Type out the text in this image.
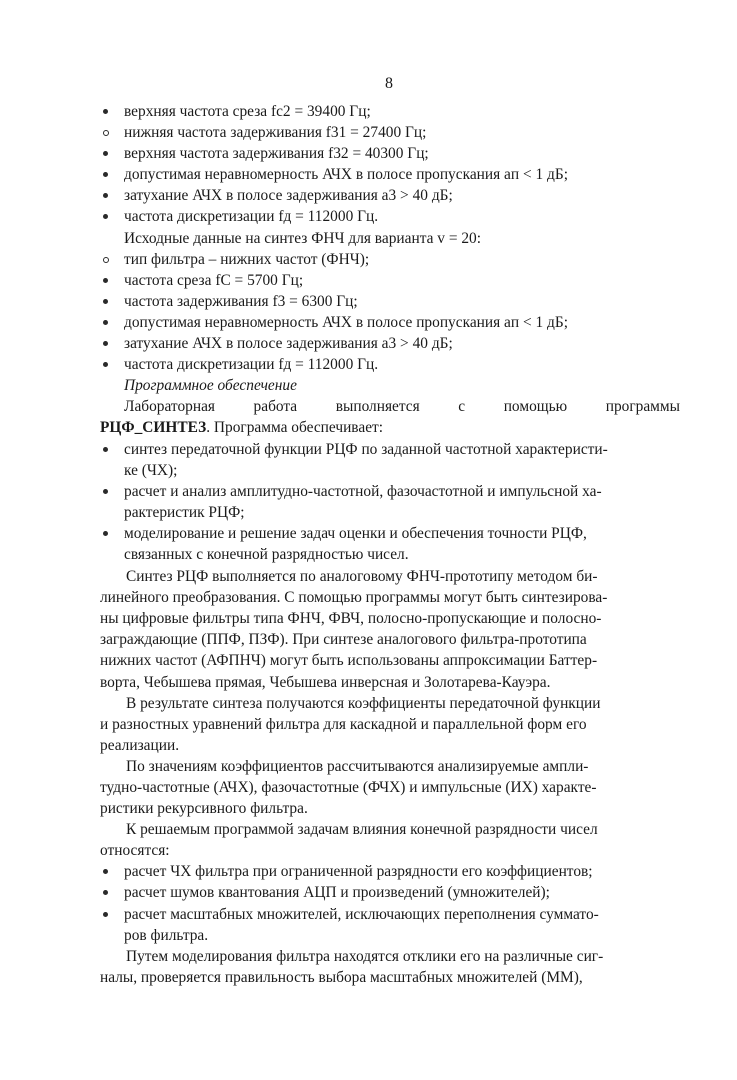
8
верхняя частота среза fc2 = 39400 Гц;
нижняя частота задерживания f31 = 27400 Гц;
верхняя частота задерживания f32 = 40300 Гц;
допустимая неравномерность АЧХ в полосе пропускания aп < 1 дБ;
затухание АЧХ в полосе задерживания a3 > 40 дБ;
частота дискретизации fд = 112000 Гц.
Исходные данные на синтез ФНЧ для варианта v = 20:
тип фильтра – нижних частот (ФНЧ);
частота среза fC = 5700 Гц;
частота задерживания f3 = 6300 Гц;
допустимая неравномерность АЧХ в полосе пропускания aп < 1 дБ;
затухание АЧХ в полосе задерживания a3 > 40 дБ;
частота дискретизации fд = 112000 Гц.
Программное обеспечение
Лабораторная	работа	выполняется	с	помощью	программы
РЦФ_СИНТЕЗ. Программа обеспечивает:
синтез передаточной функции РЦФ по заданной частотной характеристи-
ке (ЧХ);
расчет и анализ амплитудно-частотной, фазочастотной и импульсной ха-
рактеристик РЦФ;
моделирование и решение задач оценки и обеспечения точности РЦФ,
связанных с конечной разрядностью чисел.
Синтез РЦФ выполняется по аналоговому ФНЧ-прототипу методом би-
линейного преобразования. С помощью программы могут быть синтезирова-
ны цифровые фильтры типа ФНЧ, ФВЧ, полосно-пропускающие и полосно-
заграждающие (ППФ, ПЗФ). При синтезе аналогового фильтра-прототипа
нижних частот (АФПНЧ) могут быть использованы аппроксимации Баттер-
ворта, Чебышева прямая, Чебышева инверсная и Золотарева-Кауэра.
В результате синтеза получаются коэффициенты передаточной функции
и разностных уравнений фильтра для каскадной и параллельной форм его
реализации.
По значениям коэффициентов рассчитываются анализируемые ампли-
тудно-частотные (АЧХ), фазочастотные (ФЧХ) и импульсные (ИХ) характе-
ристики рекурсивного фильтра.
К решаемым программой задачам влияния конечной разрядности чисел
относятся:
расчет ЧХ фильтра при ограниченной разрядности его коэффициентов;
расчет шумов квантования АЦП и произведений (умножителей);
расчет масштабных множителей, исключающих переполнения суммато-
ров фильтра.
Путем моделирования фильтра находятся отклики его на различные сиг-
налы, проверяется правильность выбора масштабных множителей (ММ),
